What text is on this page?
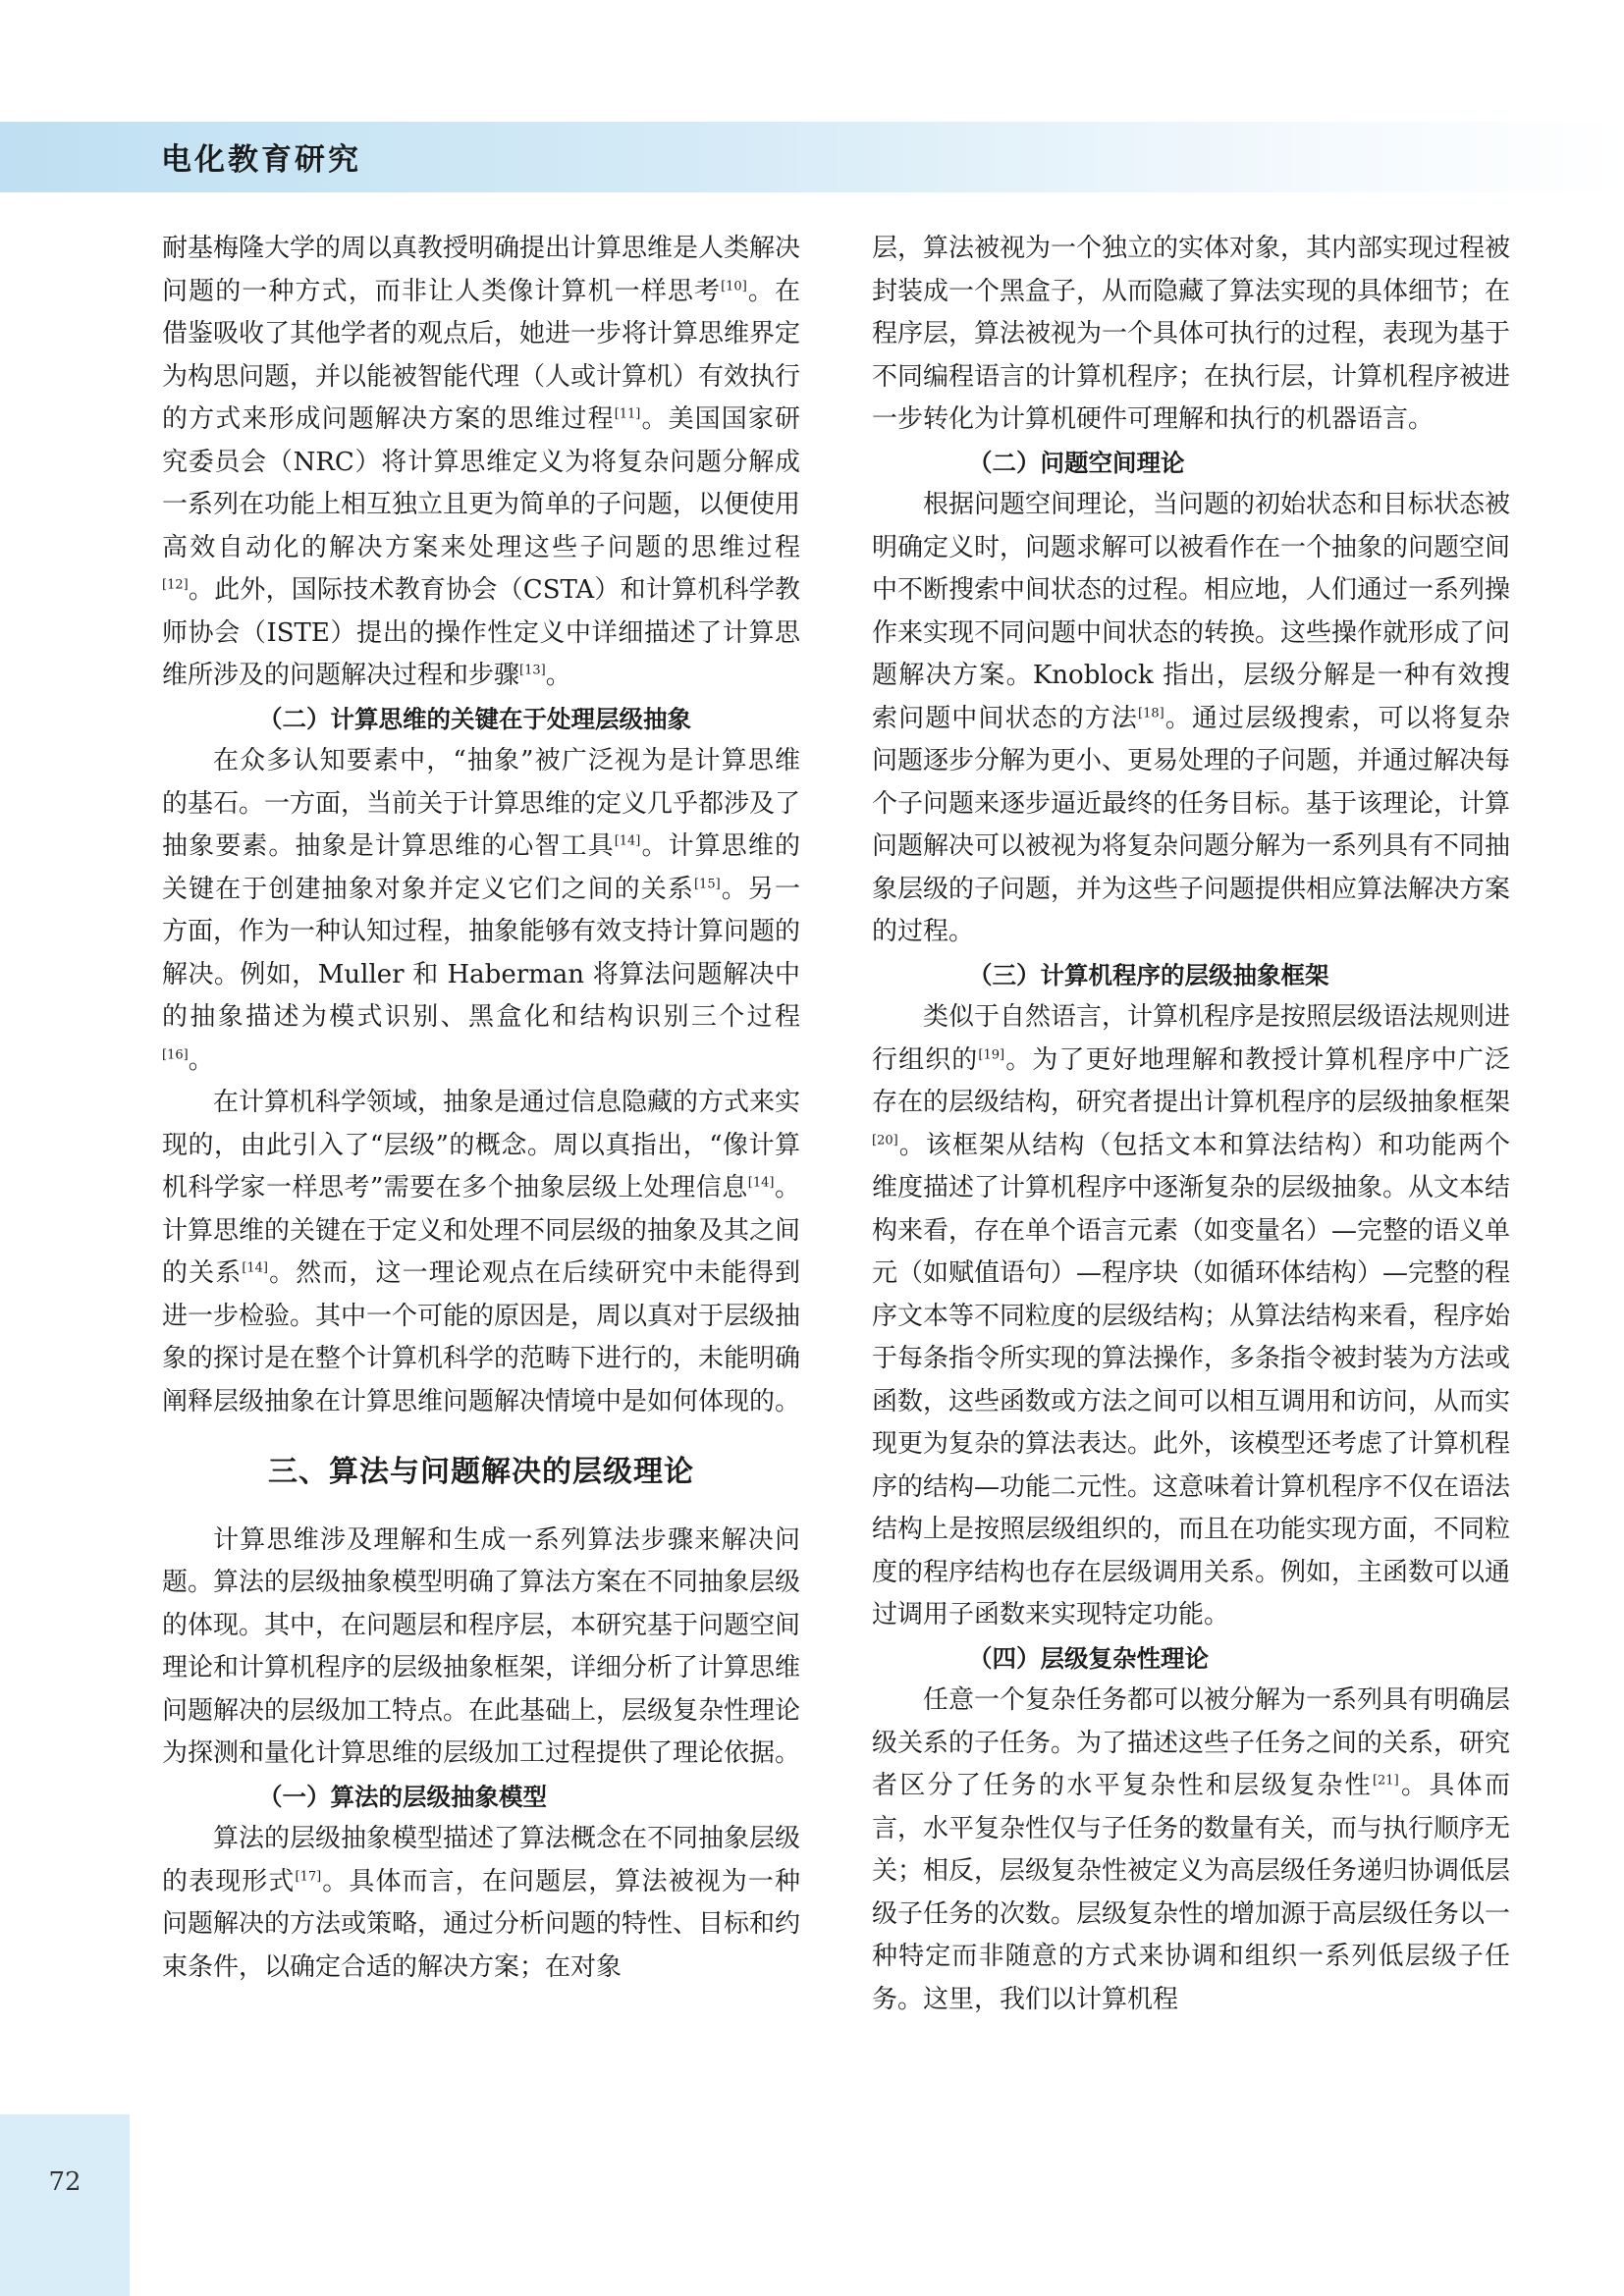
电化教育研究

耐基梅隆大学的周以真教授明确提出计算思维是人类解决问题的一种方式，而非让人类像计算机一样思考[10]。在借鉴吸收了其他学者的观点后，她进一步将计算思维界定为构思问题，并以能被智能代理（人或计算机）有效执行的方式来形成问题解决方案的思维过程[11]。美国国家研究委员会（NRC）将计算思维定义为将复杂问题分解成一系列在功能上相互独立且更为简单的子问题，以便使用高效自动化的解决方案来处理这些子问题的思维过程[12]。此外，国际技术教育协会（CSTA）和计算机科学教师协会（ISTE）提出的操作性定义中详细描述了计算思维所涉及的问题解决过程和步骤[13]。

（二）计算思维的关键在于处理层级抽象

在众多认知要素中，“抽象”被广泛视为是计算思维的基石。一方面，当前关于计算思维的定义几乎都涉及了抽象要素。抽象是计算思维的心智工具[14]。计算思维的关键在于创建抽象对象并定义它们之间的关系[15]。另一方面，作为一种认知过程，抽象能够有效支持计算问题的解决。例如，Muller 和 Haberman 将算法问题解决中的抽象描述为模式识别、黑盒化和结构识别三个过程[16]。

在计算机科学领域，抽象是通过信息隐藏的方式来实现的，由此引入了“层级”的概念。周以真指出，“像计算机科学家一样思考”需要在多个抽象层级上处理信息[14]。计算思维的关键在于定义和处理不同层级的抽象及其之间的关系[14]。然而，这一理论观点在后续研究中未能得到进一步检验。其中一个可能的原因是，周以真对于层级抽象的探讨是在整个计算机科学的范畴下进行的，未能明确阐释层级抽象在计算思维问题解决情境中是如何体现的。

三、算法与问题解决的层级理论

计算思维涉及理解和生成一系列算法步骤来解决问题。算法的层级抽象模型明确了算法方案在不同抽象层级的体现。其中，在问题层和程序层，本研究基于问题空间理论和计算机程序的层级抽象框架，详细分析了计算思维问题解决的层级加工特点。在此基础上，层级复杂性理论为探测和量化计算思维的层级加工过程提供了理论依据。

（一）算法的层级抽象模型

算法的层级抽象模型描述了算法概念在不同抽象层级的表现形式[17]。具体而言，在问题层，算法被视为一种问题解决的方法或策略，通过分析问题的特性、目标和约束条件，以确定合适的解决方案；在对象

层，算法被视为一个独立的实体对象，其内部实现过程被封装成一个黑盒子，从而隐藏了算法实现的具体细节；在程序层，算法被视为一个具体可执行的过程，表现为基于不同编程语言的计算机程序；在执行层，计算机程序被进一步转化为计算机硬件可理解和执行的机器语言。

（二）问题空间理论

根据问题空间理论，当问题的初始状态和目标状态被明确定义时，问题求解可以被看作在一个抽象的问题空间中不断搜索中间状态的过程。相应地，人们通过一系列操作来实现不同问题中间状态的转换。这些操作就形成了问题解决方案。Knoblock 指出，层级分解是一种有效搜索问题中间状态的方法[18]。通过层级搜索，可以将复杂问题逐步分解为更小、更易处理的子问题，并通过解决每个子问题来逐步逼近最终的任务目标。基于该理论，计算问题解决可以被视为将复杂问题分解为一系列具有不同抽象层级的子问题，并为这些子问题提供相应算法解决方案的过程。

（三）计算机程序的层级抽象框架

类似于自然语言，计算机程序是按照层级语法规则进行组织的[19]。为了更好地理解和教授计算机程序中广泛存在的层级结构，研究者提出计算机程序的层级抽象框架[20]。该框架从结构（包括文本和算法结构）和功能两个维度描述了计算机程序中逐渐复杂的层级抽象。从文本结构来看，存在单个语言元素（如变量名）—完整的语义单元（如赋值语句）—程序块（如循环体结构）—完整的程序文本等不同粒度的层级结构；从算法结构来看，程序始于每条指令所实现的算法操作，多条指令被封装为方法或函数，这些函数或方法之间可以相互调用和访问，从而实现更为复杂的算法表达。此外，该模型还考虑了计算机程序的结构—功能二元性。这意味着计算机程序不仅在语法结构上是按照层级组织的，而且在功能实现方面，不同粒度的程序结构也存在层级调用关系。例如，主函数可以通过调用子函数来实现特定功能。

（四）层级复杂性理论

任意一个复杂任务都可以被分解为一系列具有明确层级关系的子任务。为了描述这些子任务之间的关系，研究者区分了任务的水平复杂性和层级复杂性[21]。具体而言，水平复杂性仅与子任务的数量有关，而与执行顺序无关；相反，层级复杂性被定义为高层级任务递归协调低层级子任务的次数。层级复杂性的增加源于高层级任务以一种特定而非随意的方式来协调和组织一系列低层级子任务。这里，我们以计算机程

72
